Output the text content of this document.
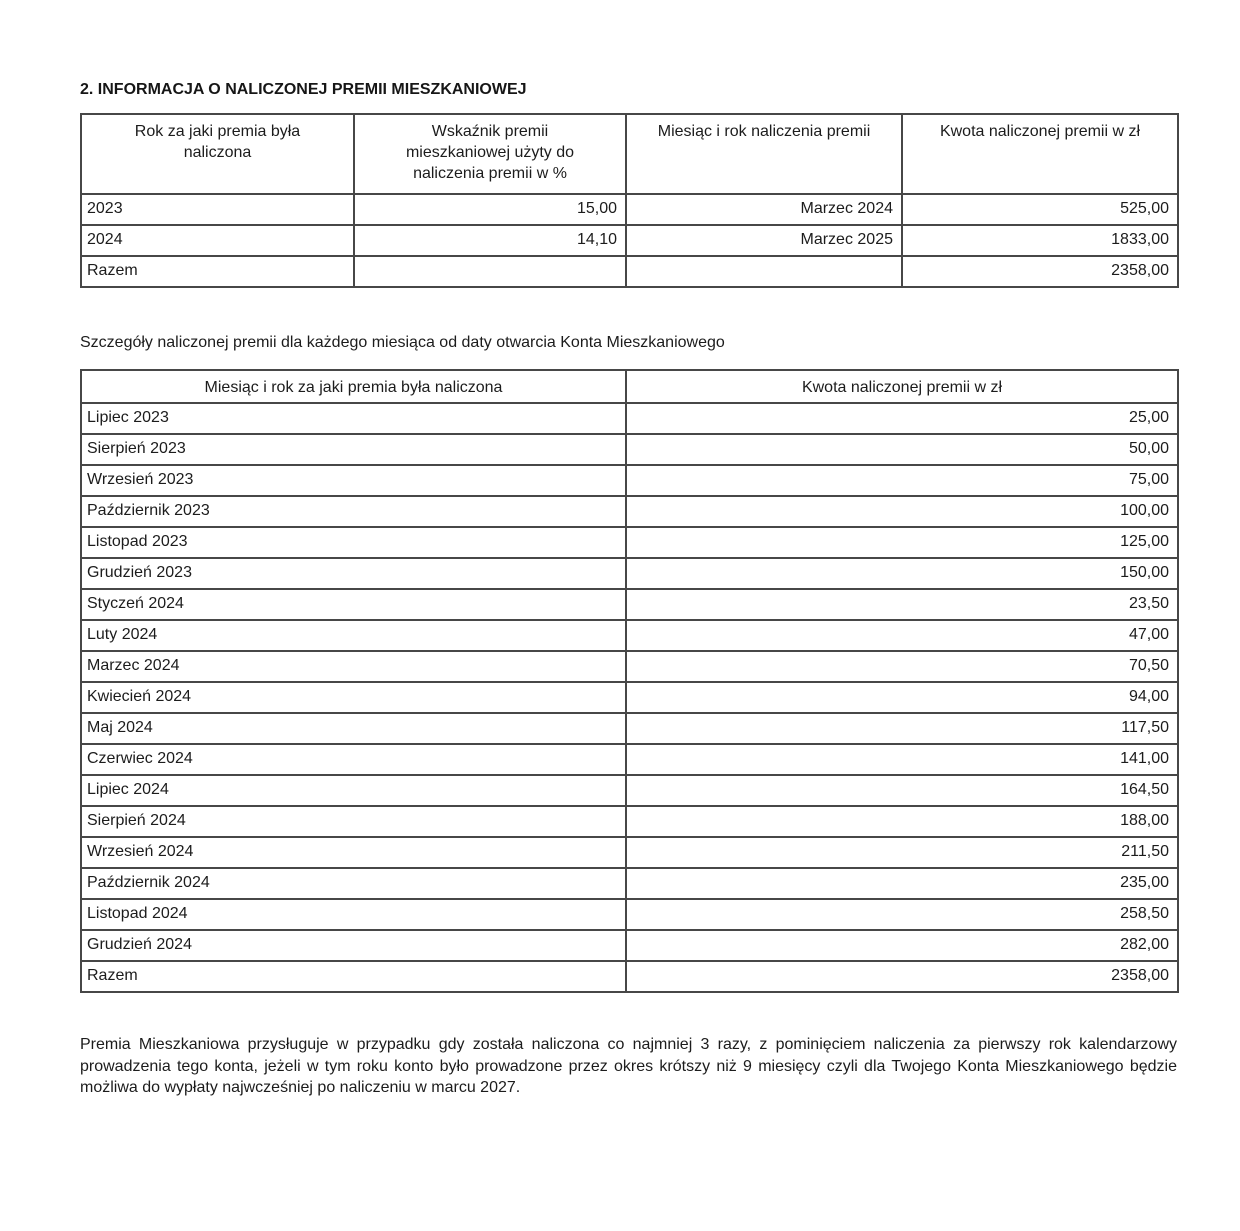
2. INFORMACJA O NALICZONEJ PREMII MIESZKANIOWEJ
Rok za jaki premia była naliczona	Wskaźnik premii mieszkaniowej użyty do naliczenia premii w %	Miesiąc i rok naliczenia premii	Kwota naliczonej premii w zł
2023	15,00	Marzec 2024	525,00
2024	14,10	Marzec 2025	1833,00
Razem			2358,00

Szczegóły naliczonej premii dla każdego miesiąca od daty otwarcia Konta Mieszkaniowego

Miesiąc i rok za jaki premia była naliczona	Kwota naliczonej premii w zł
Lipiec 2023	25,00
Sierpień 2023	50,00
Wrzesień 2023	75,00
Październik 2023	100,00
Listopad 2023	125,00
Grudzień 2023	150,00
Styczeń 2024	23,50
Luty 2024	47,00
Marzec 2024	70,50
Kwiecień 2024	94,00
Maj 2024	117,50
Czerwiec 2024	141,00
Lipiec 2024	164,50
Sierpień 2024	188,00
Wrzesień 2024	211,50
Październik 2024	235,00
Listopad 2024	258,50
Grudzień 2024	282,00
Razem	2358,00

Premia Mieszkaniowa przysługuje w przypadku gdy została naliczona co najmniej 3 razy, z pominięciem naliczenia za pierwszy rok kalendarzowy prowadzenia tego konta, jeżeli w tym roku konto było prowadzone przez okres krótszy niż 9 miesięcy czyli dla Twojego Konta Mieszkaniowego będzie możliwa do wypłaty najwcześniej po naliczeniu w marcu 2027.
